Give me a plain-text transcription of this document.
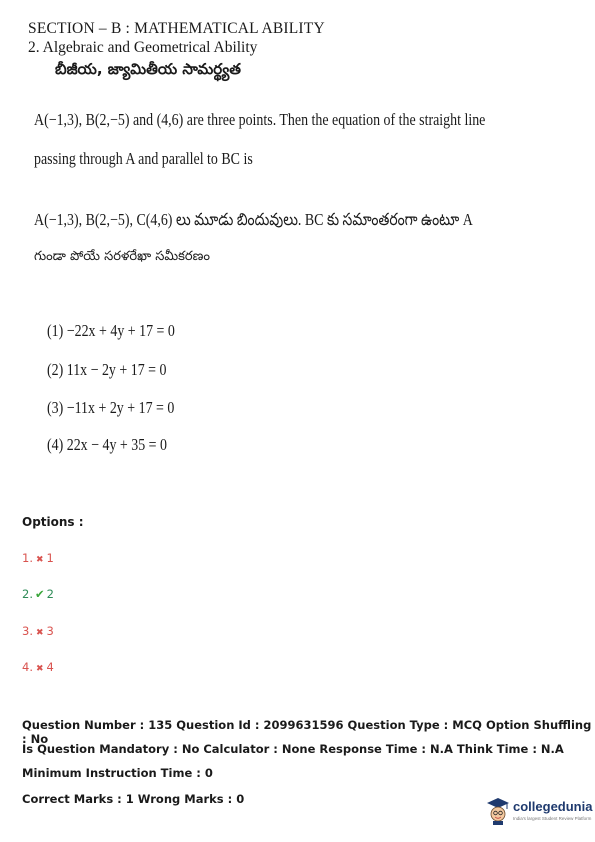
SECTION – B : MATHEMATICAL ABILITY
2. Algebraic and Geometrical Ability
బీజీయ, జ్యామితీయ సామర్థ్యత
A(−1,3), B(2,−5) and (4,6) are three points. Then the equation of the straight line
passing through A and parallel to BC is
A(−1,3), B(2,−5), C(4,6) లు మూడు బిందువులు. BC కు సమాంతరంగా ఉంటూ A
గుండా పోయే సరళరేఖా సమీకరణం
(1) −22x + 4y + 17 = 0
(2) 11x − 2y + 17 = 0
(3) −11x + 2y + 17 = 0
(4) 22x − 4y + 35 = 0
Options :
1. ✖ 1
2. ✔ 2
3. ✖ 3
4. ✖ 4
Question Number : 135 Question Id : 2099631596 Question Type : MCQ Option Shuffling : No
Is Question Mandatory : No Calculator : None Response Time : N.A Think Time : N.A
Minimum Instruction Time : 0
Correct Marks : 1 Wrong Marks : 0	collegedunia
India's largest Student Review Platform
